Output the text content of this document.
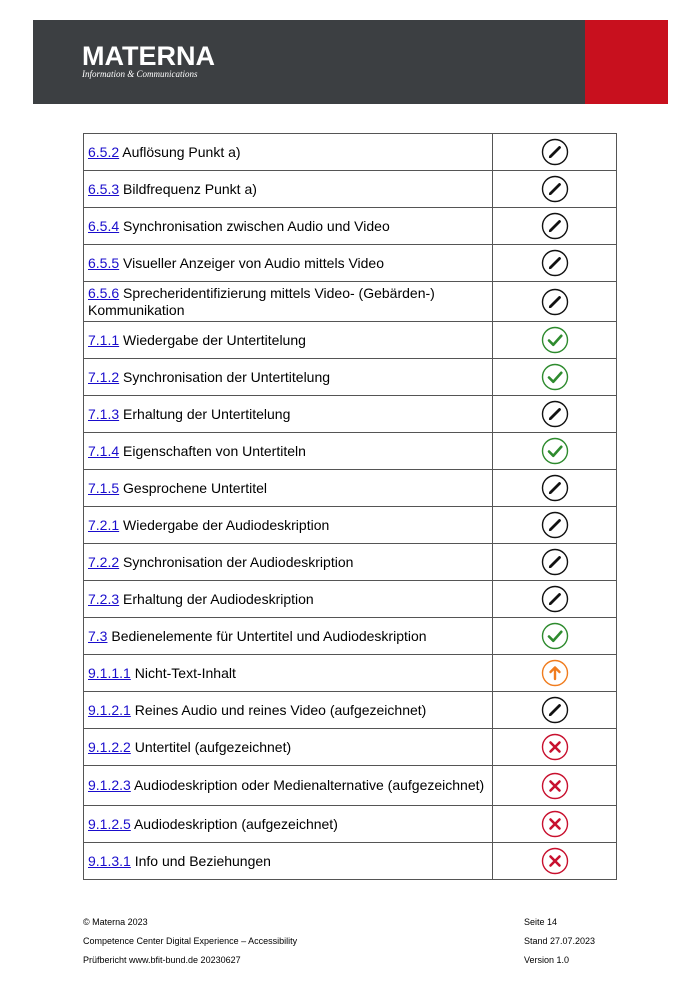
MATERNA
Information & Communications
6.5.2 Auflösung Punkt a)	
6.5.3 Bildfrequenz Punkt a)	
6.5.4 Synchronisation zwischen Audio und Video	
6.5.5 Visueller Anzeiger von Audio mittels Video	
6.5.6 Sprecheridentifizierung mittels Video- (Gebärden-) Kommunikation	
7.1.1 Wiedergabe der Untertitelung	
7.1.2 Synchronisation der Untertitelung	
7.1.3 Erhaltung der Untertitelung	
7.1.4 Eigenschaften von Untertiteln	
7.1.5 Gesprochene Untertitel	
7.2.1 Wiedergabe der Audiodeskription	
7.2.2 Synchronisation der Audiodeskription	
7.2.3 Erhaltung der Audiodeskription	
7.3 Bedienelemente für Untertitel und Audiodeskription	
9.1.1.1 Nicht-Text-Inhalt	
9.1.2.1 Reines Audio und reines Video (aufgezeichnet)	
9.1.2.2 Untertitel (aufgezeichnet)	
9.1.2.3 Audiodeskription oder Medienalternative (aufgezeichnet)	
9.1.2.5 Audiodeskription (aufgezeichnet)	
9.1.3.1 Info und Beziehungen	
© Materna 2023
Competence Center Digital Experience – Accessibility
Prüfbericht www.bfit-bund.de 20230627
Seite 14
Stand 27.07.2023
Version 1.0
